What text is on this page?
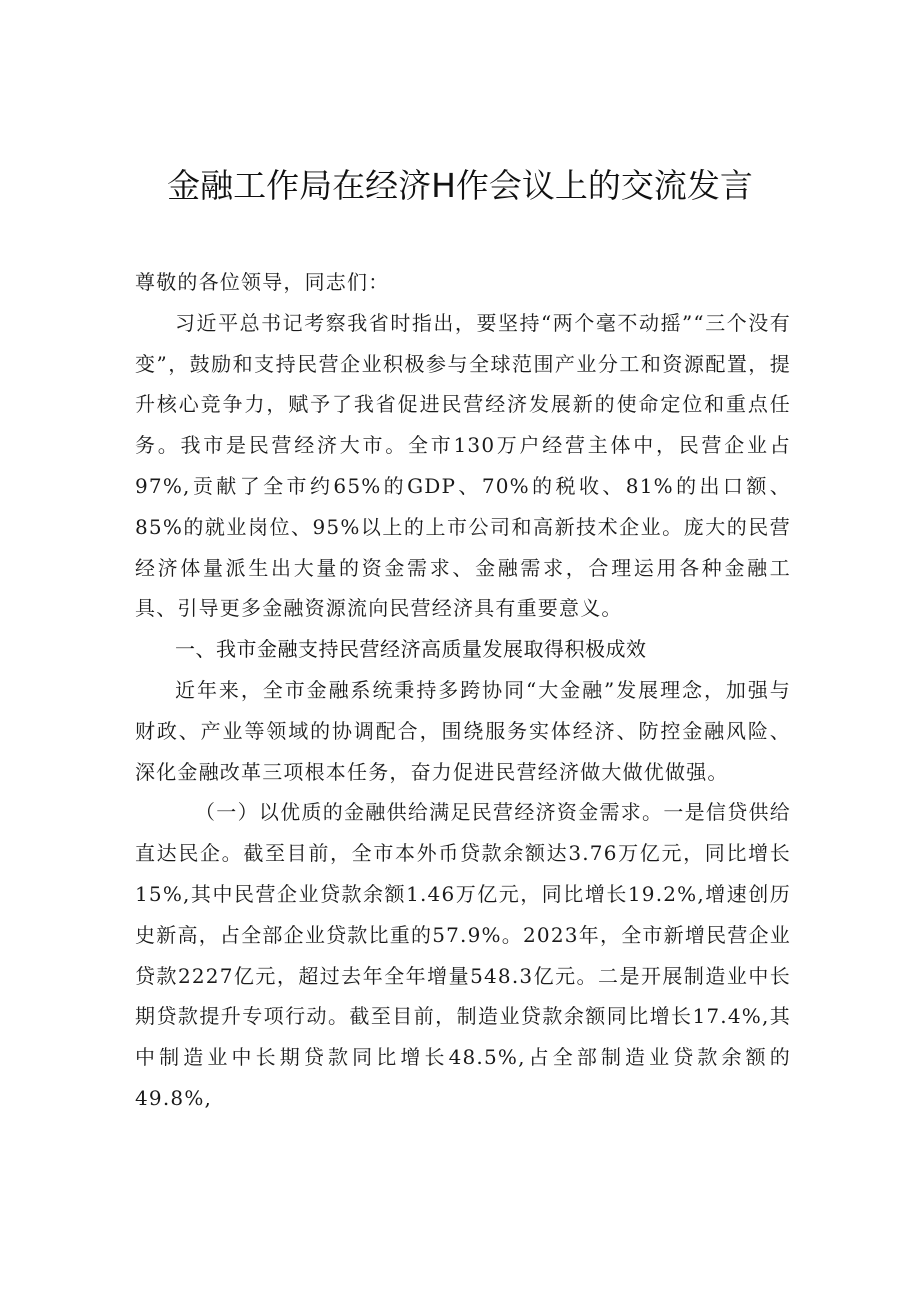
金融工作局在经济H作会议上的交流发言

尊敬的各位领导，同志们：

习近平总书记考察我省时指出，要坚持“两个毫不动摇”“三个没有变”，鼓励和支持民营企业积极参与全球范围产业分工和资源配置，提升核心竞争力，赋予了我省促进民营经济发展新的使命定位和重点任务。我市是民营经济大市。全市130万户经营主体中，民营企业占97%,贡献了全市约65%的GDP、70%的税收、81%的出口额、85%的就业岗位、95%以上的上市公司和高新技术企业。庞大的民营经济体量派生出大量的资金需求、金融需求，合理运用各种金融工具、引导更多金融资源流向民营经济具有重要意义。

一、我市金融支持民营经济高质量发展取得积极成效

近年来，全市金融系统秉持多跨协同“大金融”发展理念，加强与财政、产业等领域的协调配合，围绕服务实体经济、防控金融风险、深化金融改革三项根本任务，奋力促进民营经济做大做优做强。

（一）以优质的金融供给满足民营经济资金需求。一是信贷供给直达民企。截至目前，全市本外币贷款余额达3.76万亿元，同比增长15%,其中民营企业贷款余额1.46万亿元，同比增长19.2%,增速创历史新高，占全部企业贷款比重的57.9%。2023年，全市新增民营企业贷款2227亿元，超过去年全年增量548.3亿元。二是开展制造业中长期贷款提升专项行动。截至目前，制造业贷款余额同比增长17.4%,其中制造业中长期贷款同比增长48.5%,占全部制造业贷款余额的49.8%,
